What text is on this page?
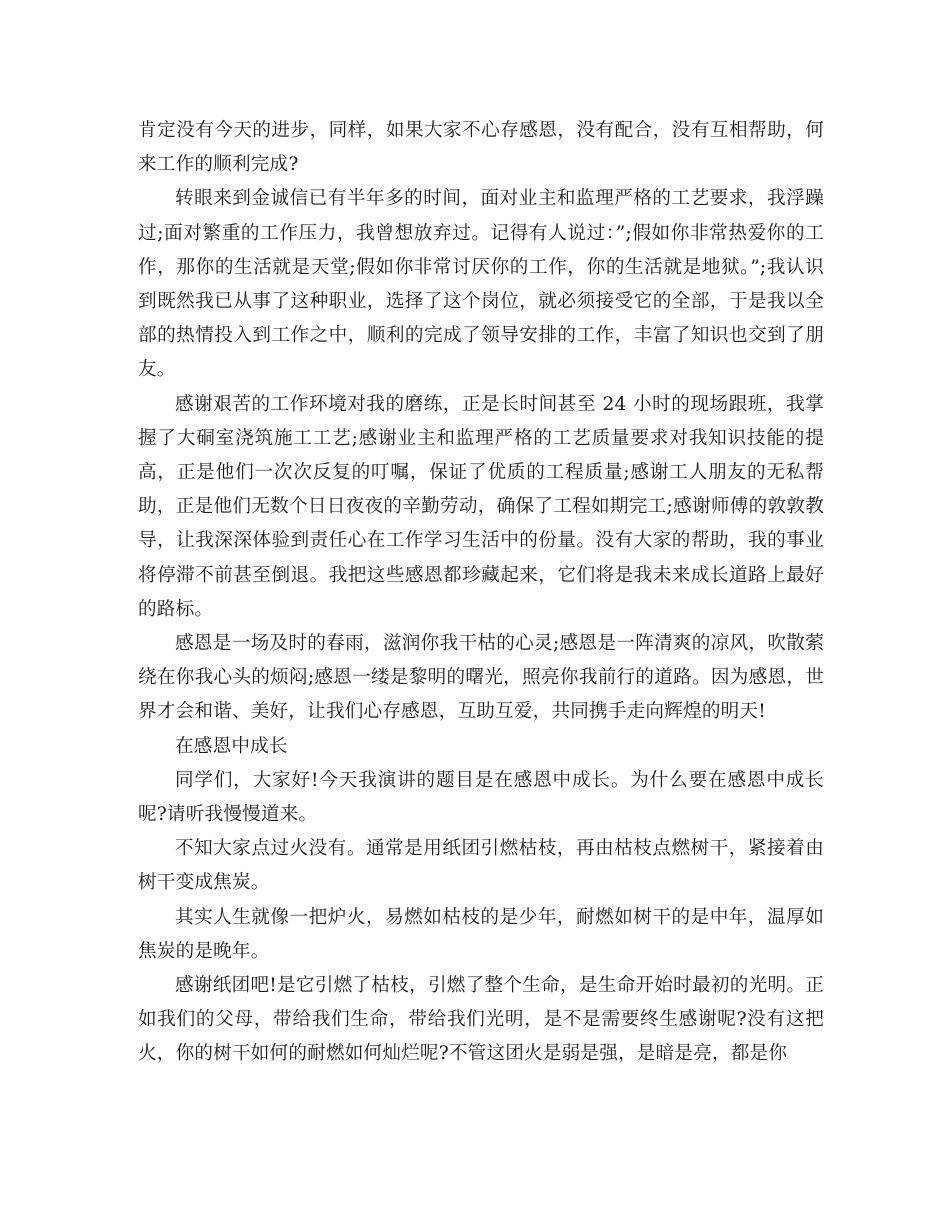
肯定没有今天的进步，同样，如果大家不心存感恩，没有配合，没有互相帮助，何来工作的顺利完成?

转眼来到金诚信已有半年多的时间，面对业主和监理严格的工艺要求，我浮躁过;面对繁重的工作压力，我曾想放弃过。记得有人说过：”;假如你非常热爱你的工作，那你的生活就是天堂;假如你非常讨厌你的工作，你的生活就是地狱。”;我认识到既然我已从事了这种职业，选择了这个岗位，就必须接受它的全部，于是我以全部的热情投入到工作之中，顺利的完成了领导安排的工作，丰富了知识也交到了朋友。

感谢艰苦的工作环境对我的磨练，正是长时间甚至 24 小时的现场跟班，我掌握了大硐室浇筑施工工艺;感谢业主和监理严格的工艺质量要求对我知识技能的提高，正是他们一次次反复的叮嘱，保证了优质的工程质量;感谢工人朋友的无私帮助，正是他们无数个日日夜夜的辛勤劳动，确保了工程如期完工;感谢师傅的敦敦教导，让我深深体验到责任心在工作学习生活中的份量。没有大家的帮助，我的事业将停滞不前甚至倒退。我把这些感恩都珍藏起来，它们将是我未来成长道路上最好的路标。

感恩是一场及时的春雨，滋润你我干枯的心灵;感恩是一阵清爽的凉风，吹散萦绕在你我心头的烦闷;感恩一缕是黎明的曙光，照亮你我前行的道路。因为感恩，世界才会和谐、美好，让我们心存感恩，互助互爱，共同携手走向辉煌的明天!

在感恩中成长

同学们，大家好!今天我演讲的题目是在感恩中成长。为什么要在感恩中成长呢?请听我慢慢道来。

不知大家点过火没有。通常是用纸团引燃枯枝，再由枯枝点燃树干，紧接着由树干变成焦炭。

其实人生就像一把炉火，易燃如枯枝的是少年，耐燃如树干的是中年，温厚如焦炭的是晚年。

感谢纸团吧!是它引燃了枯枝，引燃了整个生命，是生命开始时最初的光明。正如我们的父母，带给我们生命，带给我们光明，是不是需要终生感谢呢?没有这把火，你的树干如何的耐燃如何灿烂呢?不管这团火是弱是强，是暗是亮，都是你
